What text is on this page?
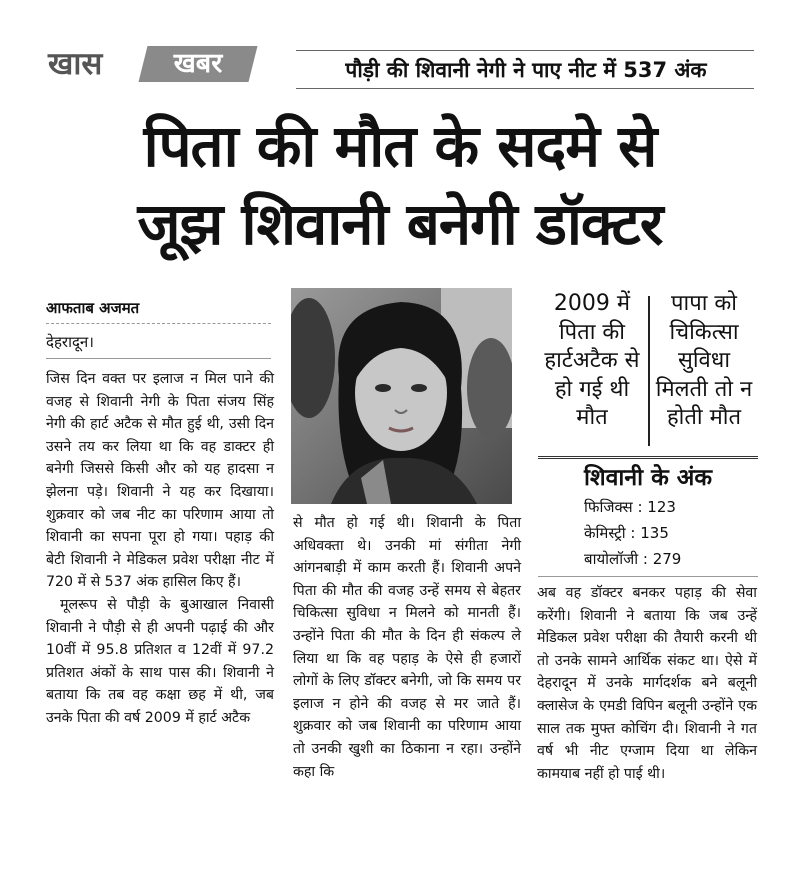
खास	खबर	पौड़ी की शिवानी नेगी ने पाए नीट में 537 अंक
पिता की मौत के सदमे से
जूझ शिवानी बनेगी डॉक्टर
आफताब अजमत
देहरादून।

जिस दिन वक्त पर इलाज न मिल पाने की वजह से शिवानी नेगी के पिता संजय सिंह नेगी की हार्ट अटैक से मौत हुई थी, उसी दिन उसने तय कर लिया था कि वह डाक्टर ही बनेगी जिससे किसी और को यह हादसा न झेलना पड़े। शिवानी ने यह कर दिखाया। शुक्रवार को जब नीट का परिणाम आया तो शिवानी का सपना पूरा हो गया। पहाड़ की बेटी शिवानी ने मेडिकल प्रवेश परीक्षा नीट में 720 में से 537 अंक हासिल किए हैं।

मूलरूप से पौड़ी के बुआखाल निवासी शिवानी ने पौड़ी से ही अपनी पढ़ाई की और 10वीं में 95.8 प्रतिशत व 12वीं में 97.2 प्रतिशत अंकों के साथ पास की। शिवानी ने बताया कि तब वह कक्षा छह में थी, जब उनके पिता की वर्ष 2009 में हार्ट अटैक

से मौत हो गई थी। शिवानी के पिता अधिवक्ता थे। उनकी मां संगीता नेगी आंगनबाड़ी में काम करती हैं। शिवानी अपने पिता की मौत की वजह उन्हें समय से बेहतर चिकित्सा सुविधा न मिलने को मानती हैं। उन्होंने पिता की मौत के दिन ही संकल्प ले लिया था कि वह पहाड़ के ऐसे ही हजारों लोगों के लिए डॉक्टर बनेगी, जो कि समय पर इलाज न होने की वजह से मर जाते हैं। शुक्रवार को जब शिवानी का परिणाम आया तो उनकी खुशी का ठिकाना न रहा। उन्होंने कहा कि

2009 में पिता की हार्टअटैक से हो गई थी मौत
पापा को चिकित्सा सुविधा मिलती तो न होती मौत
शिवानी के अंक
फिजिक्स : 123
केमिस्ट्री : 135
बायोलॉजी : 279

अब वह डॉक्टर बनकर पहाड़ की सेवा करेंगी। शिवानी ने बताया कि जब उन्हें मेडिकल प्रवेश परीक्षा की तैयारी करनी थी तो उनके सामने आर्थिक संकट था। ऐसे में देहरादून में उनके मार्गदर्शक बने बलूनी क्लासेज के एमडी विपिन बलूनी उन्होंने एक साल तक मुफ्त कोचिंग दी। शिवानी ने गत वर्ष भी नीट एग्जाम दिया था लेकिन कामयाब नहीं हो पाई थी।
